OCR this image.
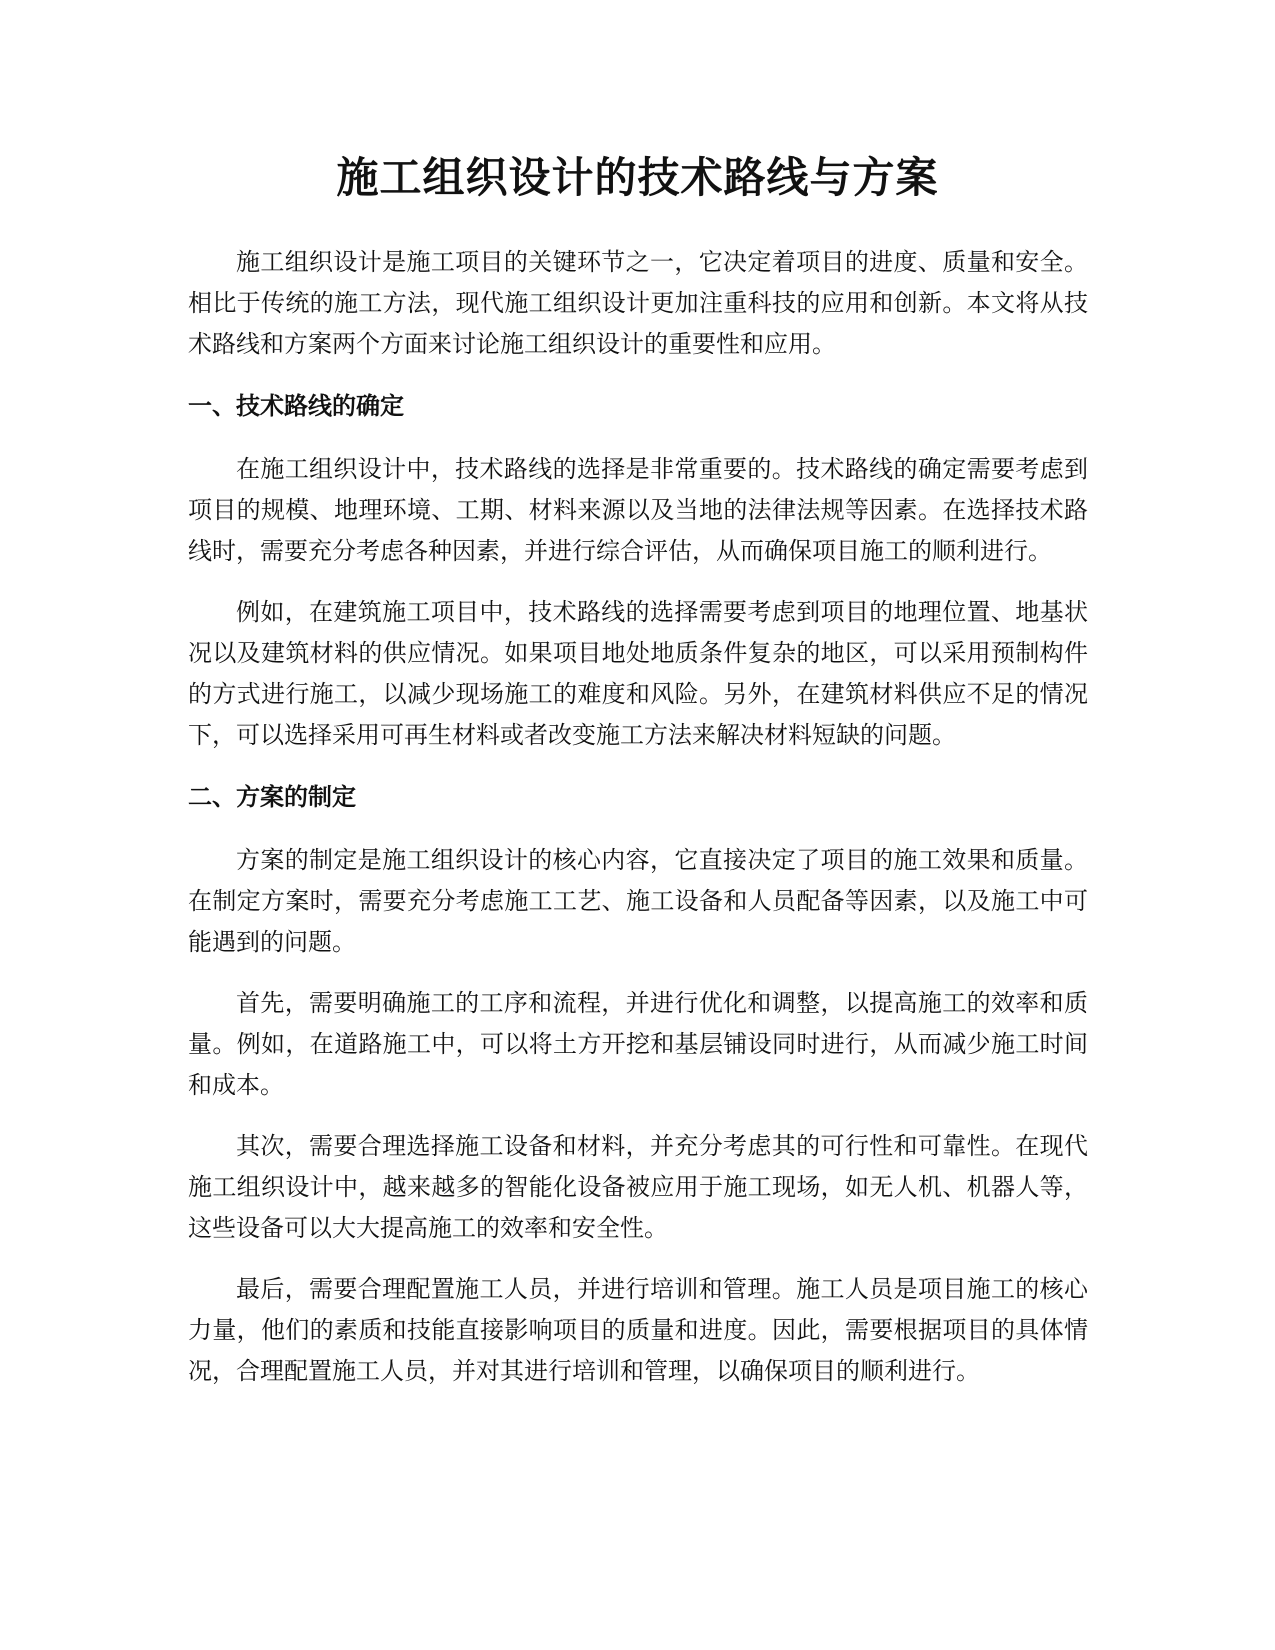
施工组织设计的技术路线与方案

施工组织设计是施工项目的关键环节之一，它决定着项目的进度、质量和安全。相比于传统的施工方法，现代施工组织设计更加注重科技的应用和创新。本文将从技术路线和方案两个方面来讨论施工组织设计的重要性和应用。

一、技术路线的确定

在施工组织设计中，技术路线的选择是非常重要的。技术路线的确定需要考虑到项目的规模、地理环境、工期、材料来源以及当地的法律法规等因素。在选择技术路线时，需要充分考虑各种因素，并进行综合评估，从而确保项目施工的顺利进行。

例如，在建筑施工项目中，技术路线的选择需要考虑到项目的地理位置、地基状况以及建筑材料的供应情况。如果项目地处地质条件复杂的地区，可以采用预制构件的方式进行施工，以减少现场施工的难度和风险。另外，在建筑材料供应不足的情况下，可以选择采用可再生材料或者改变施工方法来解决材料短缺的问题。

二、方案的制定

方案的制定是施工组织设计的核心内容，它直接决定了项目的施工效果和质量。在制定方案时，需要充分考虑施工工艺、施工设备和人员配备等因素，以及施工中可能遇到的问题。

首先，需要明确施工的工序和流程，并进行优化和调整，以提高施工的效率和质量。例如，在道路施工中，可以将土方开挖和基层铺设同时进行，从而减少施工时间和成本。

其次，需要合理选择施工设备和材料，并充分考虑其的可行性和可靠性。在现代施工组织设计中，越来越多的智能化设备被应用于施工现场，如无人机、机器人等，这些设备可以大大提高施工的效率和安全性。

最后，需要合理配置施工人员，并进行培训和管理。施工人员是项目施工的核心力量，他们的素质和技能直接影响项目的质量和进度。因此，需要根据项目的具体情况，合理配置施工人员，并对其进行培训和管理，以确保项目的顺利进行。
